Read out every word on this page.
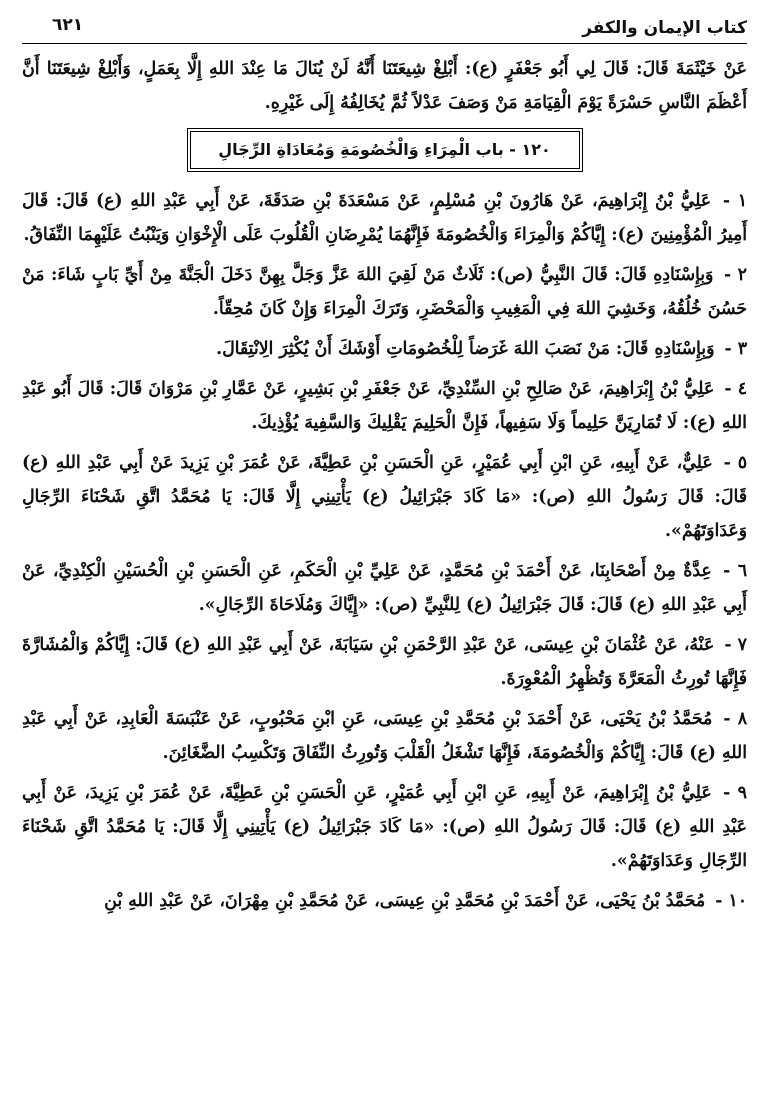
كتاب الإيمان والكفر
٦٢١

عَنْ خَيْثَمَةَ قَالَ: قَالَ لِي أَبُو جَعْفَرٍ (ع): أَبْلِغْ شِيعَتَنَا أَنَّهُ لَنْ يُنَالَ مَا عِنْدَ اللهِ إِلَّا بِعَمَلٍ، وَأَبْلِغْ شِيعَتَنَا أَنَّ أَعْظَمَ النَّاسِ حَسْرَةً يَوْمَ الْقِيَامَةِ مَنْ وَصَفَ عَدْلاً ثُمَّ يُخَالِفُهُ إِلَى غَيْرِهِ.

١٢٠ - باب الْمِرَاءِ وَالْخُصُومَةِ وَمُعَادَاةِ الرِّجَالِ

١ - عَلِيُّ بْنُ إِبْرَاهِيمَ، عَنْ هَارُونَ بْنِ مُسْلِمٍ، عَنْ مَسْعَدَةَ بْنِ صَدَقَةَ، عَنْ أَبِي عَبْدِ اللهِ (ع) قَالَ: قَالَ أَمِيرُ الْمُؤْمِنِينَ (ع): إِيَّاكُمْ وَالْمِرَاءَ وَالْخُصُومَةَ فَإِنَّهُمَا يُمْرِضَانِ الْقُلُوبَ عَلَى الْإِخْوَانِ وَيَنْبُتُ عَلَيْهِمَا النِّفَاقُ.

٢ - وَبِإِسْنَادِهِ قَالَ: قَالَ النَّبِيُّ (ص): ثَلَاثٌ مَنْ لَقِيَ اللهَ عَزَّ وَجَلَّ بِهِنَّ دَخَلَ الْجَنَّةَ مِنْ أَيِّ بَابٍ شَاءَ: مَنْ حَسُنَ خُلُقُهُ، وَخَشِيَ اللهَ فِي الْمَغِيبِ وَالْمَحْضَرِ، وَتَرَكَ الْمِرَاءَ وَإِنْ كَانَ مُحِقّاً.

٣ - وَبِإِسْنَادِهِ قَالَ: مَنْ نَصَبَ اللهَ غَرَضاً لِلْخُصُومَاتِ أَوْشَكَ أَنْ يُكْثِرَ الِانْتِقَالَ.

٤ - عَلِيُّ بْنُ إِبْرَاهِيمَ، عَنْ صَالِحِ بْنِ السِّنْدِيِّ، عَنْ جَعْفَرِ بْنِ بَشِيرٍ، عَنْ عَمَّارِ بْنِ مَرْوَانَ قَالَ: قَالَ أَبُو عَبْدِ اللهِ (ع): لَا تُمَارِيَنَّ حَلِيماً وَلَا سَفِيهاً، فَإِنَّ الْحَلِيمَ يَقْلِيكَ وَالسَّفِيهَ يُؤْذِيكَ.

٥ - عَلِيٌّ، عَنْ أَبِيهِ، عَنِ ابْنِ أَبِي عُمَيْرٍ، عَنِ الْحَسَنِ بْنِ عَطِيَّةَ، عَنْ عُمَرَ بْنِ يَزِيدَ عَنْ أَبِي عَبْدِ اللهِ (ع) قَالَ: قَالَ رَسُولُ اللهِ (ص): «مَا كَادَ جَبْرَائِيلُ (ع) يَأْتِينِي إِلَّا قَالَ: يَا مُحَمَّدُ اتَّقِ شَحْنَاءَ الرِّجَالِ وَعَدَاوَتَهُمْ».

٦ - عِدَّةٌ مِنْ أَصْحَابِنَا، عَنْ أَحْمَدَ بْنِ مُحَمَّدٍ، عَنْ عَلِيِّ بْنِ الْحَكَمِ، عَنِ الْحَسَنِ بْنِ الْحُسَيْنِ الْكِنْدِيِّ، عَنْ أَبِي عَبْدِ اللهِ (ع) قَالَ: قَالَ جَبْرَائِيلُ (ع) لِلنَّبِيِّ (ص): «إِيَّاكَ وَمُلَاحَاةَ الرِّجَالِ».

٧ - عَنْهُ، عَنْ عُثْمَانَ بْنِ عِيسَى، عَنْ عَبْدِ الرَّحْمَنِ بْنِ سَيَابَةَ، عَنْ أَبِي عَبْدِ اللهِ (ع) قَالَ: إِيَّاكُمْ وَالْمُشَارَّةَ فَإِنَّهَا تُورِثُ الْمَعَرَّةَ وَتُظْهِرُ الْمُعْوِرَةَ.

٨ - مُحَمَّدُ بْنُ يَحْيَى، عَنْ أَحْمَدَ بْنِ مُحَمَّدِ بْنِ عِيسَى، عَنِ ابْنِ مَحْبُوبٍ، عَنْ عَنْبَسَةَ الْعَابِدِ، عَنْ أَبِي عَبْدِ اللهِ (ع) قَالَ: إِيَّاكُمْ وَالْخُصُومَةَ، فَإِنَّهَا تَشْغَلُ الْقَلْبَ وَتُورِثُ النِّفَاقَ وَتَكْسِبُ الضَّغَائِنَ.

٩ - عَلِيُّ بْنُ إِبْرَاهِيمَ، عَنْ أَبِيهِ، عَنِ ابْنِ أَبِي عُمَيْرٍ، عَنِ الْحَسَنِ بْنِ عَطِيَّةَ، عَنْ عُمَرَ بْنِ يَزِيدَ، عَنْ أَبِي عَبْدِ اللهِ (ع) قَالَ: قَالَ رَسُولُ اللهِ (ص): «مَا كَادَ جَبْرَائِيلُ (ع) يَأْتِينِي إِلَّا قَالَ: يَا مُحَمَّدُ اتَّقِ شَحْنَاءَ الرِّجَالِ وَعَدَاوَتَهُمْ».

١٠ - مُحَمَّدُ بْنُ يَحْيَى، عَنْ أَحْمَدَ بْنِ مُحَمَّدِ بْنِ عِيسَى، عَنْ مُحَمَّدِ بْنِ مِهْرَانَ، عَنْ عَبْدِ اللهِ بْنِ
